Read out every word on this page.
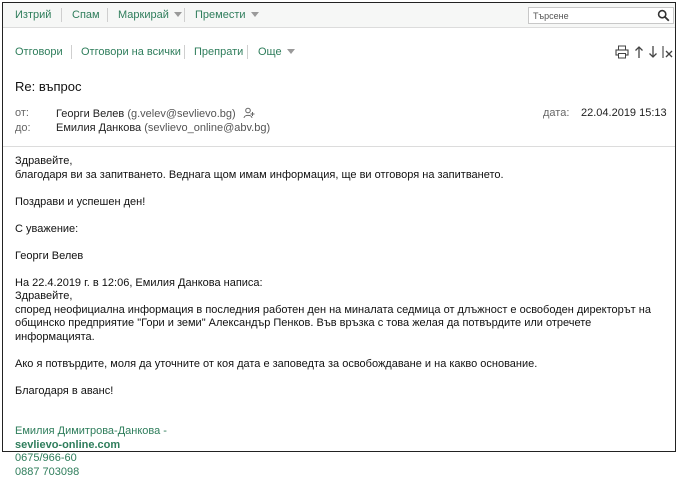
Изтрий Спам Маркирай	Премести
Търсене
Отговори Отговори на всички Препрати Още
Re: въпрос
от: Георги Велев (g.velev@sevlievo.bg)
до: Емилия Данкова (sevlievo_online@abv.bg)
дата: 22.04.2019 15:13

Здравейте,

благодаря ви за запитването. Веднага щом имам информация, ще ви отговоря на запитването.

Поздрави и успешен ден!

С уважение:

Георги Велев

На 22.4.2019 г. в 12:06, Емилия Данкова написа:

Здравейте,

според неофициална информация в последния работен ден на миналата седмица от длъжност е освободен директорът на

общинско предприятие "Гори и земи" Александър Пенков. Във връзка с това желая да потвърдите или отречете информацията.

Ако я потвърдите, моля да уточните от коя дата е заповедта за освобождаване и на какво основание.

Благодаря в аванс!

Емилия Димитрова-Данкова -

sevlievo-online.com

0675/966-60

0887 703098
